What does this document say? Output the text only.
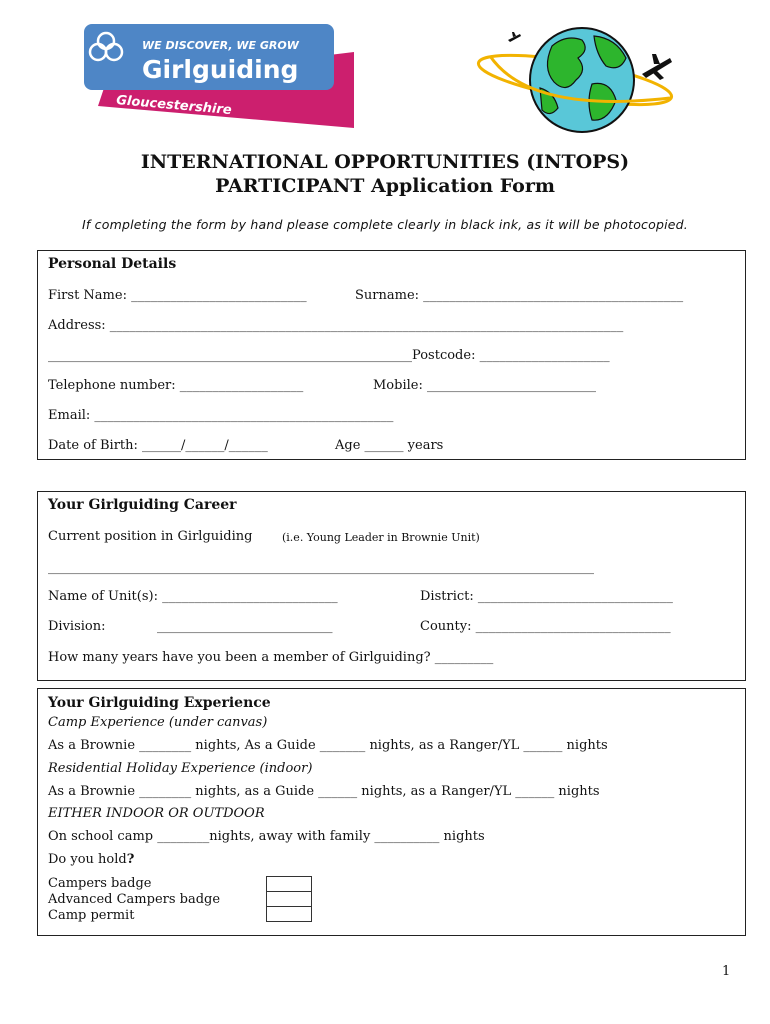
WE DISCOVER, WE GROW
Girlguiding
Gloucestershire
INTERNATIONAL OPPORTUNITIES (INTOPS)
PARTICIPANT Application Form
If completing the form by hand please complete clearly in black ink, as it will be photocopied.
Personal Details
First Name: ___________________________	Surname: ________________________________________
Address: _______________________________________________________________________________
________________________________________________________Postcode: ____________________
Telephone number: ___________________	Mobile: __________________________
Email: ______________________________________________
Date of Birth: ______/______/______	Age ______ years
Your Girlguiding Career
Current position in Girlguiding	(i.e. Young Leader in Brownie Unit)
____________________________________________________________________________________
Name of Unit(s): ___________________________	District: ______________________________
Division:	___________________________	County: ______________________________
How many years have you been a member of Girlguiding? _________
Your Girlguiding Experience
Camp Experience (under canvas)
As a Brownie ________ nights, As a Guide _______ nights, as a Ranger/YL ______ nights
Residential Holiday Experience (indoor)
As a Brownie ________ nights, as a Guide ______ nights, as a Ranger/YL ______ nights
EITHER INDOOR OR OUTDOOR
On school camp ________nights, away with family __________ nights
Do you hold?
Campers badge
Advanced Campers badge
Camp permit
1
